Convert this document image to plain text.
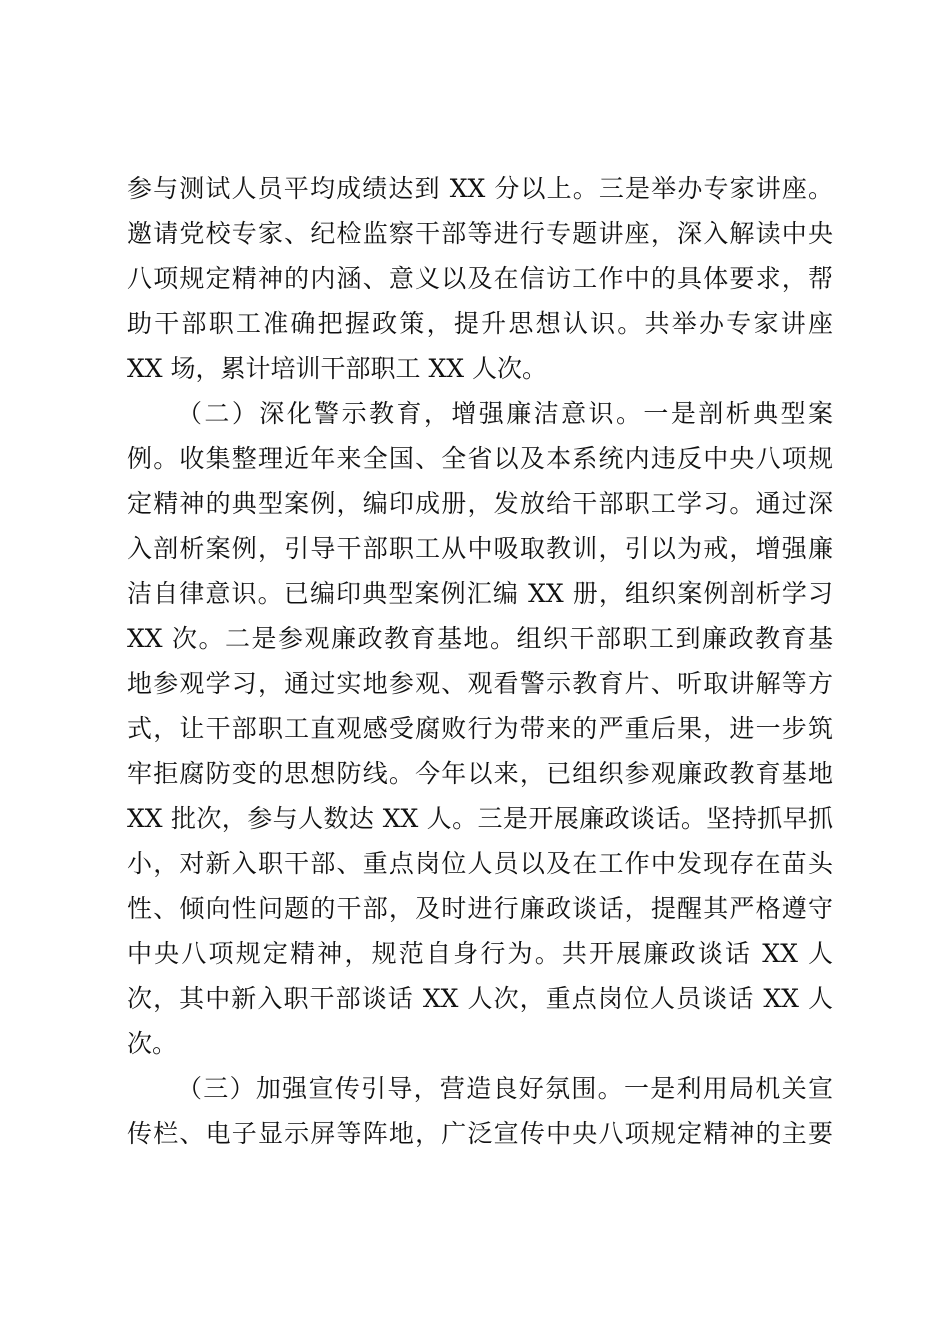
参与测试人员平均成绩达到 XX 分以上。三是举办专家讲座。
邀请党校专家、纪检监察干部等进行专题讲座，深入解读中央
八项规定精神的内涵、意义以及在信访工作中的具体要求，帮
助干部职工准确把握政策，提升思想认识。共举办专家讲座
XX 场，累计培训干部职工 XX 人次。
（二）深化警示教育，增强廉洁意识。一是剖析典型案
例。收集整理近年来全国、全省以及本系统内违反中央八项规
定精神的典型案例，编印成册，发放给干部职工学习。通过深
入剖析案例，引导干部职工从中吸取教训，引以为戒，增强廉
洁自律意识。已编印典型案例汇编 XX 册，组织案例剖析学习
XX 次。二是参观廉政教育基地。组织干部职工到廉政教育基
地参观学习，通过实地参观、观看警示教育片、听取讲解等方
式，让干部职工直观感受腐败行为带来的严重后果，进一步筑
牢拒腐防变的思想防线。今年以来，已组织参观廉政教育基地
XX 批次，参与人数达 XX 人。三是开展廉政谈话。坚持抓早抓
小，对新入职干部、重点岗位人员以及在工作中发现存在苗头
性、倾向性问题的干部，及时进行廉政谈话，提醒其严格遵守
中央八项规定精神，规范自身行为。共开展廉政谈话 XX 人
次，其中新入职干部谈话 XX 人次，重点岗位人员谈话 XX 人
次。
（三）加强宣传引导，营造良好氛围。一是利用局机关宣
传栏、电子显示屏等阵地，广泛宣传中央八项规定精神的主要
